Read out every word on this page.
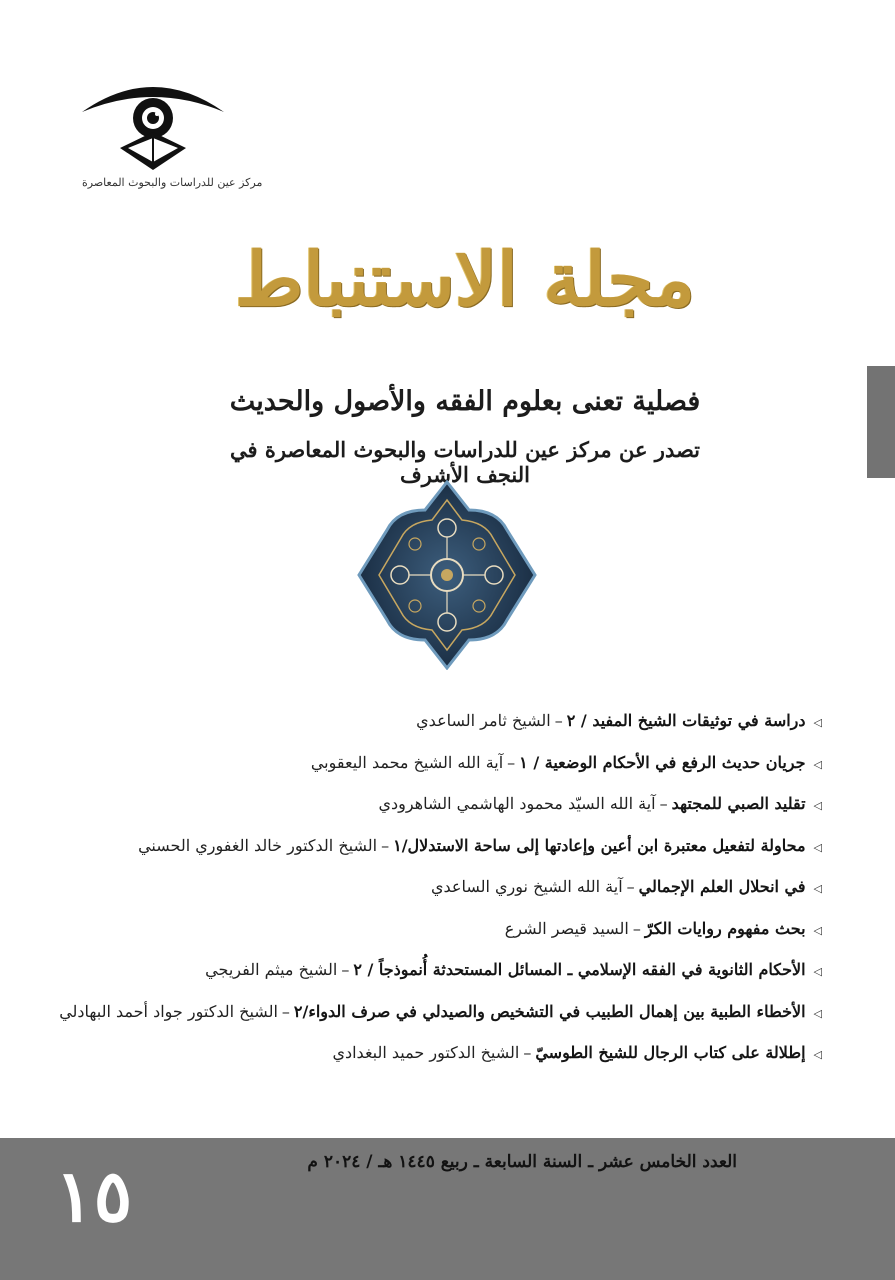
مركز عين للدراسات والبحوث المعاصرة
مجلة الاستنباط
فصلية تعنى بعلوم الفقه والأصول والحديث
تصدر عن مركز عين للدراسات والبحوث المعاصرة في النجف الأشرف
◁دراسة في توثيقات الشيخ المفيد / ٢–الشيخ ثامر الساعدي
◁جريان حديث الرفع في الأحكام الوضعية / ١–آية الله الشيخ محمد اليعقوبي
◁تقليد الصبي للمجتهد–آية الله السيّد محمود الهاشمي الشاهرودي
◁محاولة لتفعيل معتبرة ابن أعين وإعادتها إلى ساحة الاستدلال/١–الشيخ الدكتور خالد الغفوري الحسني
◁في انحلال العلم الإجمالي–آية الله الشيخ نوري الساعدي
◁بحث مفهوم روايات الكرّ–السيد قيصر الشرع
◁الأحكام الثانوية في الفقه الإسلامي ـ المسائل المستحدثة أُنموذجاً / ٢–الشيخ ميثم الفريجي
◁الأخطاء الطبية بين إهمال الطبيب في التشخيص والصيدلي في صرف الدواء/٢–الشيخ الدكتور جواد أحمد البهادلي
◁إطلالة على كتاب الرجال للشيخ الطوسيّ–الشيخ الدكتور حميد البغدادي
١٥	العدد الخامس عشر ـ السنة السابعة ـ ربيع ١٤٤٥ هـ / ٢٠٢٤ م
